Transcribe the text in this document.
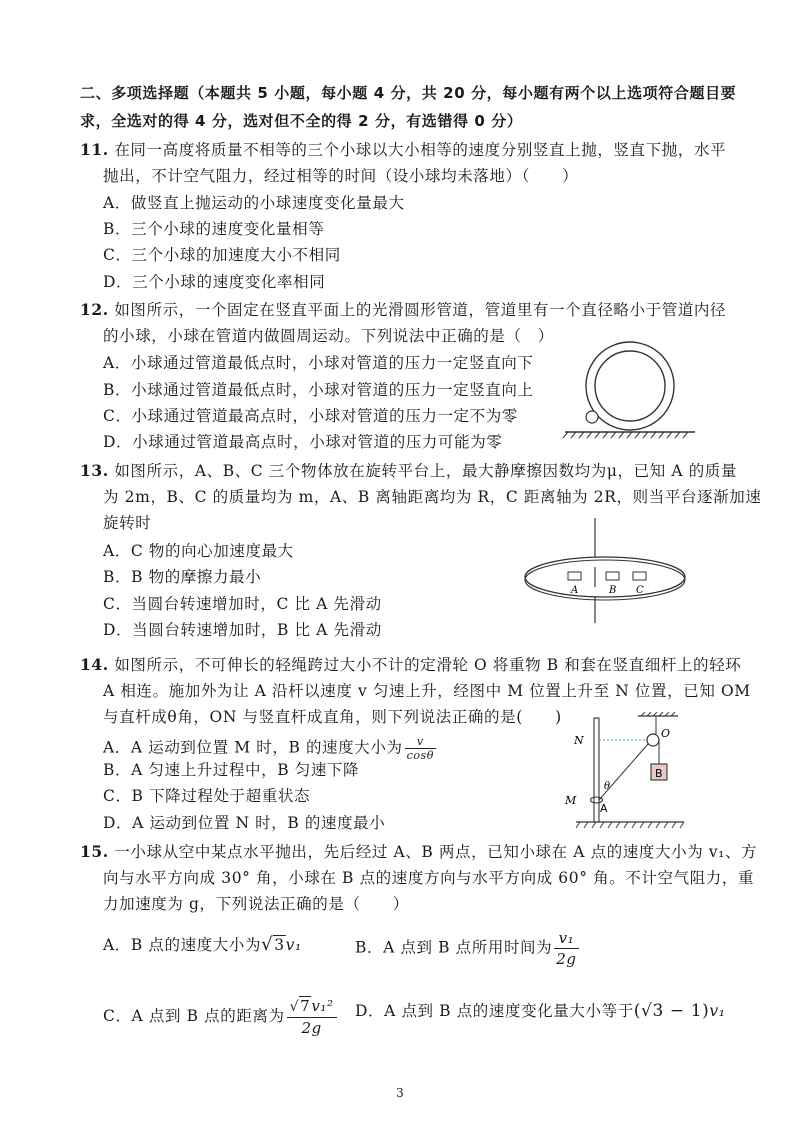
二、多项选择题（本题共 5 小题，每小题 4 分，共 20 分，每小题有两个以上选项符合题目要
求，全选对的得 4 分，选对但不全的得 2 分，有选错得 0 分）
11. 在同一高度将质量不相等的三个小球以大小相等的速度分别竖直上抛，竖直下抛，水平
抛出，不计空气阻力，经过相等的时间（设小球均未落地）（　　）
A．做竖直上抛运动的小球速度变化量最大
B．三个小球的速度变化量相等
C．三个小球的加速度大小不相同
D．三个小球的速度变化率相同
12. 如图所示，一个固定在竖直平面上的光滑圆形管道，管道里有一个直径略小于管道内径
的小球，小球在管道内做圆周运动。下列说法中正确的是（　）
A．小球通过管道最低点时，小球对管道的压力一定竖直向下
B．小球通过管道最低点时，小球对管道的压力一定竖直向上
C．小球通过管道最高点时，小球对管道的压力一定不为零
D．小球通过管道最高点时，小球对管道的压力可能为零
13. 如图所示，A、B、C 三个物体放在旋转平台上，最大静摩擦因数均为μ，已知 A 的质量
为 2m，B、C 的质量均为 m，A、B 离轴距离均为 R，C 距离轴为 2R，则当平台逐渐加速
旋转时
A．C 物的向心加速度最大
B．B 物的摩擦力最小
C．当圆台转速增加时，C 比 A 先滑动
D．当圆台转速增加时，B 比 A 先滑动
A	B C
14. 如图所示，不可伸长的轻绳跨过大小不计的定滑轮 O 将重物 B 和套在竖直细杆上的轻环
A 相连。施加外为让 A 沿杆以速度 v 匀速上升，经图中 M 位置上升至 N 位置，已知 OM
与直杆成θ角，ON 与竖直杆成直角，则下列说法正确的是(　　)
A．A 运动到位置 M 时，B 的速度大小为 $\frac{v}{\cos\theta}$
B．A 匀速上升过程中，B 匀速下降
C．B 下降过程处于超重状态
D．A 运动到位置 N 时，B 的速度最小
B
N
O
θ
M
A
15. 一小球从空中某点水平抛出，先后经过 A、B 两点，已知小球在 A 点的速度大小为 v₁、方
向与水平方向成 30° 角，小球在 B 点的速度方向与水平方向成 60° 角。不计空气阻力，重
力加速度为 g，下列说法正确的是（　　）
A．B 点的速度大小为√3v₁	B．A 点到 B 点所用时间为 $\frac{\text{v₁}}{2g}$
C．A 点到 B 点的距离为 $\frac{\text{√7v₁²}}{2g}$ D．A 点到 B 点的速度变化量大小等于(√3 − 1)v₁
3
